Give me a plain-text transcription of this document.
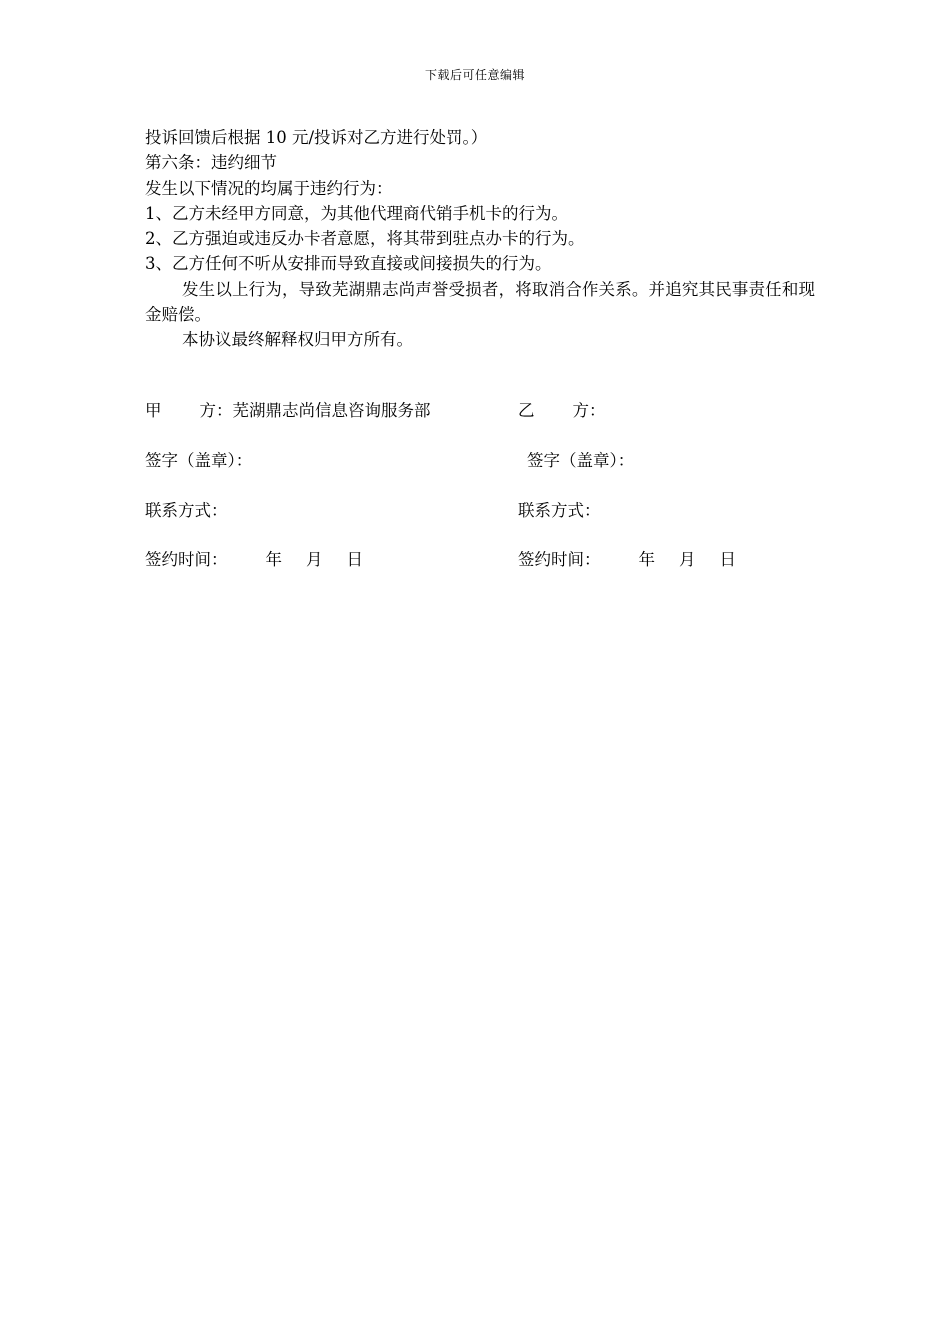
下载后可任意编辑
投诉回馈后根据 10 元/投诉对乙方进行处罚。）
第六条：违约细节
发生以下情况的均属于违约行为：
1、乙方未经甲方同意，为其他代理商代销手机卡的行为。
2、乙方强迫或违反办卡者意愿，将其带到驻点办卡的行为。
3、乙方任何不听从安排而导致直接或间接损失的行为。
发生以上行为，导致芜湖鼎志尚声誉受损者，将取消合作关系。并追究其民事责任和现金赔偿。
本协议最终解释权归甲方所有。
甲 方：芜湖鼎志尚信息咨询服务部	乙 方：
签字（盖章）：	签字（盖章）：
联系方式：	联系方式：
签约时间： 年 月 日	签约时间： 年 月 日
